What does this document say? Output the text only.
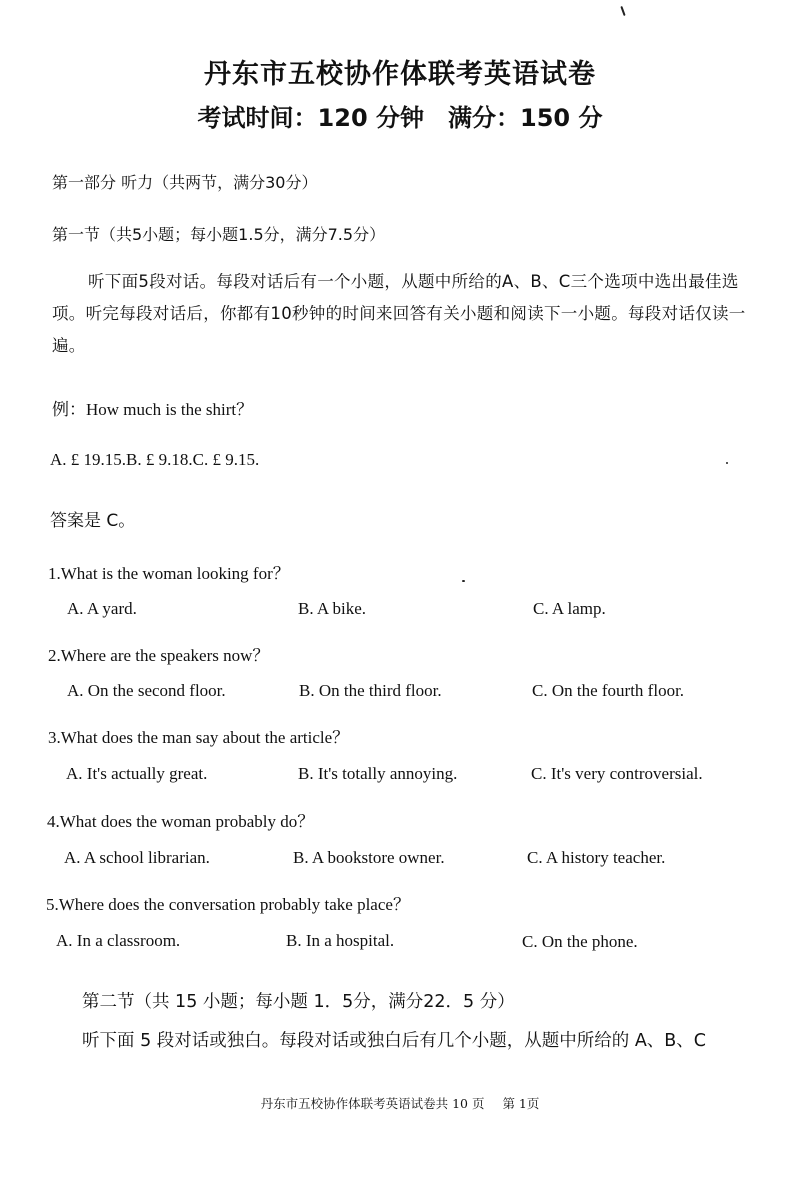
丹东市五校协作体联考英语试卷
考试时间：120 分钟 满分：150 分
第一部分 听力（共两节，满分30分）
第一节（共5小题；每小题1.5分，满分7.5分）
听下面5段对话。每段对话后有一个小题，从题中所给的A、B、C三个选项中选出最佳选项。听完每段对话后，你都有10秒钟的时间来回答有关小题和阅读下一小题。每段对话仅读一遍。
例：How much is the shirt？
A. £ 19.15.B. £ 9.18.C. £ 9.15.
答案是 C。
1.What is the woman looking for？
A. A yard.	B. A bike.	C. A lamp.
2.Where are the speakers now？
A. On the second floor.	B. On the third floor.	C. On the fourth floor.
3.What does the man say about the article？
A. It's actually great.	B. It's totally annoying.	C. It's very controversial.
4.What does the woman probably do？
A. A school librarian.	B. A bookstore owner.	C. A history teacher.
5.Where does the conversation probably take place？
A. In a classroom.	B. In a hospital.	C. On the phone.
第二节（共 15 小题；每小题 1．5分，满分22．5 分）
听下面 5 段对话或独白。每段对话或独白后有几个小题，从题中所给的 A、B、C
丹东市五校协作体联考英语试卷共 10 页 第 1页
